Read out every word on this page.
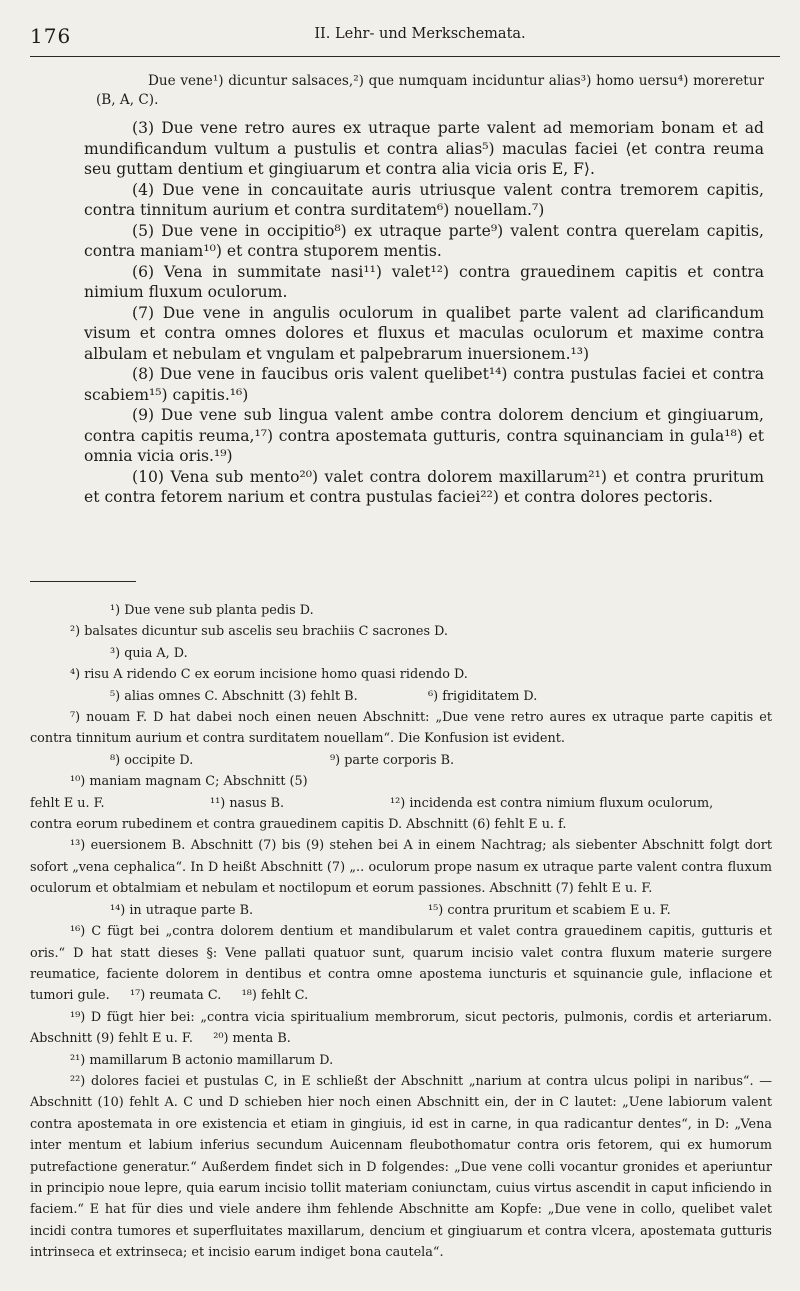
176	II. Lehr- und Merkschemata.

Due vene¹) dicuntur salsaces,²) que numquam inciduntur alias³) homo uersu⁴) moreretur (B, A, C).

(3) Due vene retro aures ex utraque parte valent ad memoriam bonam et ad mundificandum vultum a pustulis et contra alias⁵) maculas faciei ⟨et contra reuma seu guttam dentium et gingiuarum et contra alia vicia oris E, F⟩.

(4) Due vene in concauitate auris utriusque valent contra tremorem capitis, contra tinnitum aurium et contra surditatem⁶) nouellam.⁷)

(5) Due vene in occipitio⁸) ex utraque parte⁹) valent contra querelam capitis, contra maniam¹⁰) et contra stuporem mentis.

(6) Vena in summitate nasi¹¹) valet¹²) contra grauedinem capitis et contra nimium fluxum oculorum.

(7) Due vene in angulis oculorum in qualibet parte valent ad clarificandum visum et contra omnes dolores et fluxus et maculas oculorum et maxime contra albulam et nebulam et vngulam et palpebrarum inuersionem.¹³)

(8) Due vene in faucibus oris valent quelibet¹⁴) contra pustulas faciei et contra scabiem¹⁵) capitis.¹⁶)

(9) Due vene sub lingua valent ambe contra dolorem dencium et gingiuarum, contra capitis reuma,¹⁷) contra apostemata gutturis, contra squinanciam in gula¹⁸) et omnia vicia oris.¹⁹)

(10) Vena sub mento²⁰) valet contra dolorem maxillarum²¹) et contra pruritum et contra fetorem narium et contra pustulas faciei²²) et contra dolores pectoris.

¹) Due vene sub planta pedis D.²) balsates dicuntur sub ascelis seu brachiis C sacrones D.

³) quia A, D.⁴) risu A ridendo C ex eorum incisione homo quasi ridendo D.

⁵) alias omnes C. Abschnitt (3) fehlt B.	⁶) frigiditatem D.

⁷) nouam F. D hat dabei noch einen neuen Abschnitt: „Due vene retro aures ex utraque parte capitis et contra tinnitum aurium et contra surditatem nouellam“. Die Konfusion ist evident.

⁸) occipite D.	⁹) parte corporis B.¹⁰) maniam magnam C; Abschnitt (5)

fehlt E u. F.	¹¹) nasus B.	¹²) incidenda est contra nimium fluxum oculorum,

contra eorum rubedinem et contra grauedinem capitis D. Abschnitt (6) fehlt E u. f.

¹³) euersionem B. Abschnitt (7) bis (9) stehen bei A in einem Nachtrag; als siebenter Abschnitt folgt dort sofort „vena cephalica“. In D heißt Abschnitt (7) „.. oculorum prope nasum ex utraque parte valent contra fluxum oculorum et obtalmiam et nebulam et noctilopum et eorum passiones. Abschnitt (7) fehlt E u. F.

¹⁴) in utraque parte B.	¹⁵) contra pruritum et scabiem E u. F.

¹⁶) C fügt bei „contra dolorem dentium et mandibularum et valet contra grauedinem capitis, gutturis et oris.“ D hat statt dieses §: Vene pallati quatuor sunt, quarum incisio valet contra fluxum materie surgere reumatice, faciente dolorem in dentibus et contra omne apostema iuncturis et squinancie gule, inflacione et tumori gule. ¹⁷) reumata C. ¹⁸) fehlt C.

¹⁹) D fügt hier bei: „contra vicia spiritualium membrorum, sicut pectoris, pulmonis, cordis et arteriarum. Abschnitt (9) fehlt E u. F. ²⁰) menta B.

²¹) mamillarum B actonio mamillarum D.

²²) dolores faciei et pustulas C, in E schließt der Abschnitt „narium at contra ulcus polipi in naribus“. — Abschnitt (10) fehlt A. C und D schieben hier noch einen Abschnitt ein, der in C lautet: „Uene labiorum valent contra apostemata in ore existencia et etiam in gingiuis, id est in carne, in qua radicantur dentes“, in D: „Vena inter mentum et labium inferius secundum Auicennam fleubothomatur contra oris fetorem, qui ex humorum putrefactione generatur.“ Außerdem findet sich in D folgendes: „Due vene colli vocantur gronides et aperiuntur in principio noue lepre, quia earum incisio tollit materiam coniunctam, cuius virtus ascendit in caput inficiendo in faciem.“ E hat für dies und viele andere ihm fehlende Abschnitte am Kopfe: „Due vene in collo, quelibet valet incidi contra tumores et superfluitates maxillarum, dencium et gingiuarum et contra vlcera, apostemata gutturis intrinseca et extrinseca; et incisio earum indiget bona cautela“.
